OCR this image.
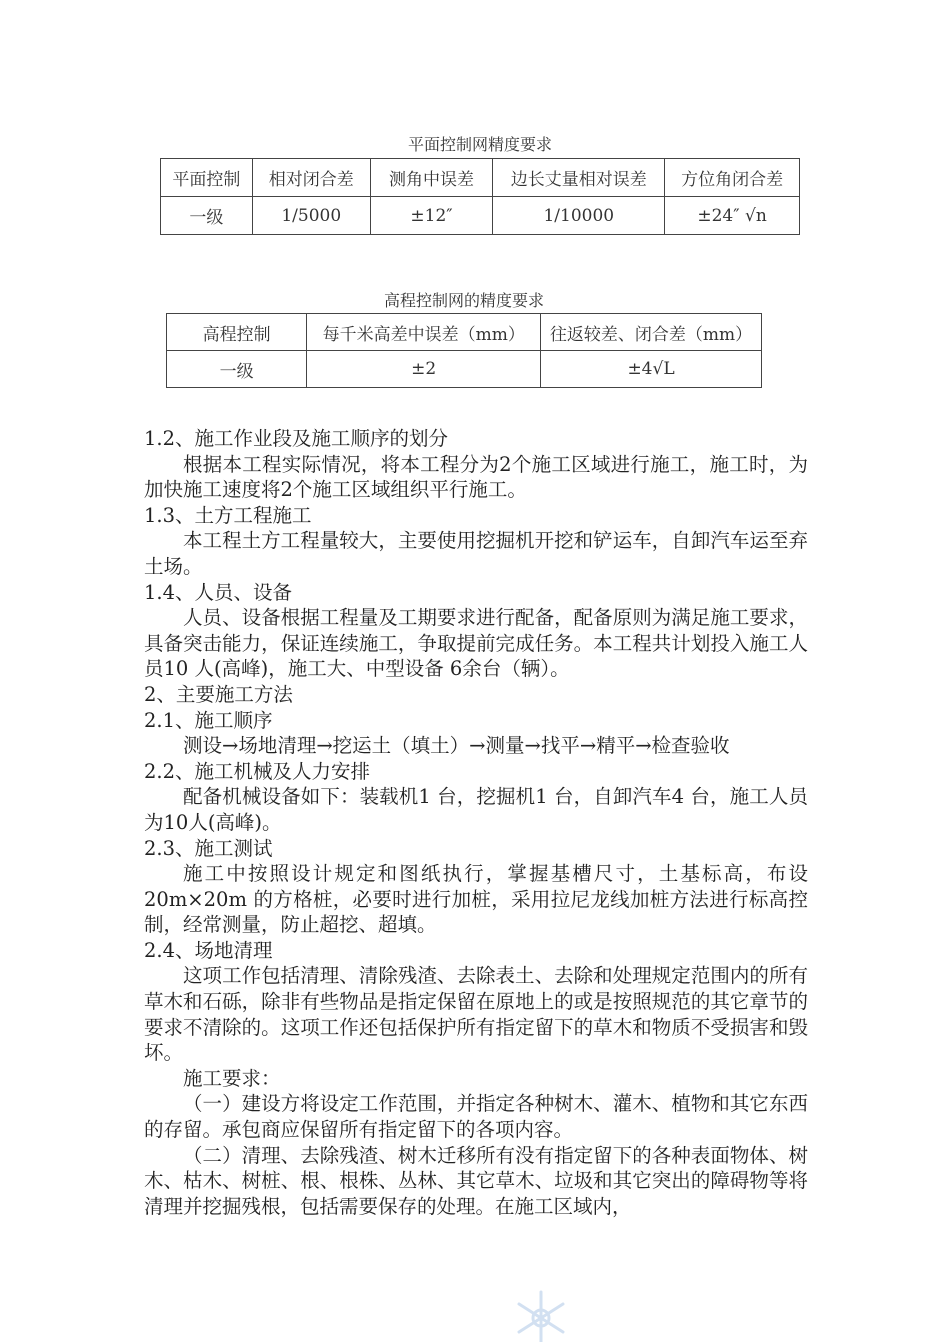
平面控制网精度要求
平面控制	相对闭合差	测角中误差	边长丈量相对误差	方位角闭合差
一级	1/5000	±12″	1/10000	±24″ √n
高程控制网的精度要求
高程控制	每千米高差中误差（mm）	往返较差、闭合差（mm）
一级	±2	±4√L

1.2、施工作业段及施工顺序的划分

根据本工程实际情况，将本工程分为2个施工区域进行施工，施工时，为加快施工速度将2个施工区域组织平行施工。

1.3、土方工程施工

本工程土方工程量较大，主要使用挖掘机开挖和铲运车，自卸汽车运至弃土场。

1.4、人员、设备

人员、设备根据工程量及工期要求进行配备，配备原则为满足施工要求，具备突击能力，保证连续施工，争取提前完成任务。本工程共计划投入施工人员10 人(高峰)，施工大、中型设备 6余台（辆）。

2、主要施工方法

2.1、施工顺序

测设→场地清理→挖运土（填土）→测量→找平→精平→检查验收

2.2、施工机械及人力安排

配备机械设备如下：装载机1 台，挖掘机1 台，自卸汽车4 台，施工人员为10人(高峰)。

2.3、施工测试

施工中按照设计规定和图纸执行，掌握基槽尺寸，土基标高，布设20m×20m 的方格桩，必要时进行加桩，采用拉尼龙线加桩方法进行标高控制，经常测量，防止超挖、超填。

2.4、场地清理

这项工作包括清理、清除残渣、去除表土、去除和处理规定范围内的所有草木和石砾，除非有些物品是指定保留在原地上的或是按照规范的其它章节的要求不清除的。这项工作还包括保护所有指定留下的草木和物质不受损害和毁坏。

施工要求：

（一）建设方将设定工作范围，并指定各种树木、灌木、植物和其它东西的存留。承包商应保留所有指定留下的各项内容。

（二）清理、去除残渣、树木迁移所有没有指定留下的各种表面物体、树木、枯木、树桩、根、根株、丛林、其它草木、垃圾和其它突出的障碍物等将清理并挖掘残根，包括需要保存的处理。在施工区域内，
